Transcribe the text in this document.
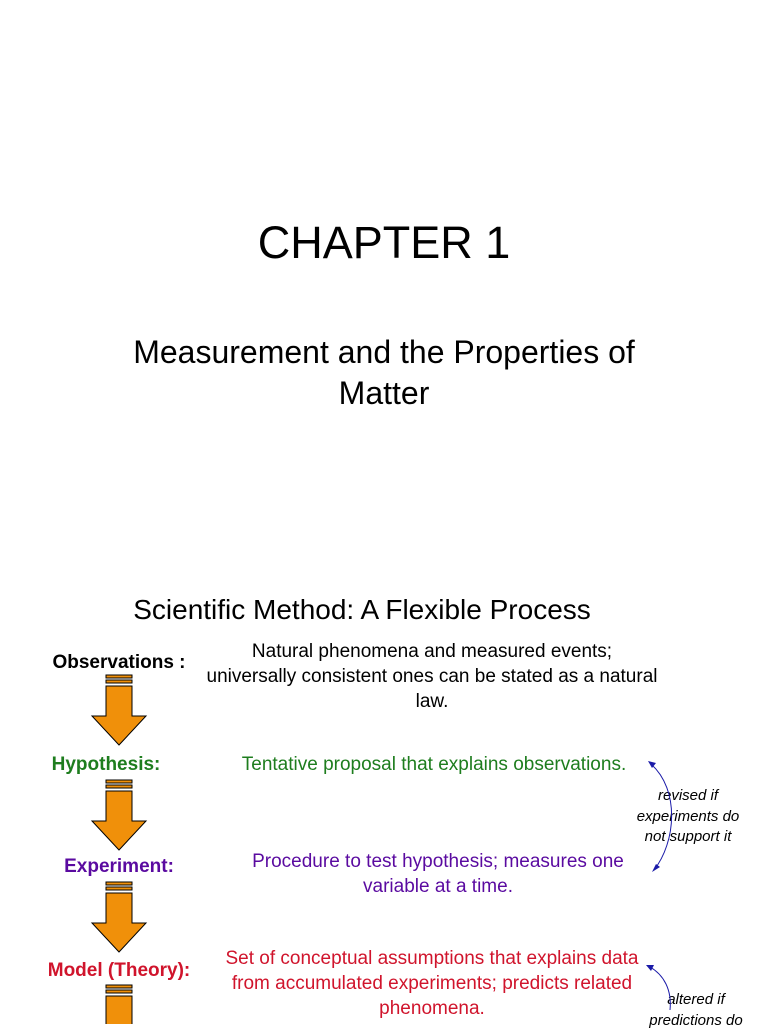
CHAPTER 1
Measurement and the Properties of Matter
Scientific Method: A Flexible Process
Observations :
Natural phenomena and measured events; universally consistent ones can be stated as a natural law.
Hypothesis:	Tentative proposal that explains observations.
Experiment:	Procedure to test hypothesis; measures one variable at a time.
Model (Theory):
Set of conceptual assumptions that explains data from accumulated experiments; predicts related phenomena.
revised if experiments do not support it
altered if predictions do
